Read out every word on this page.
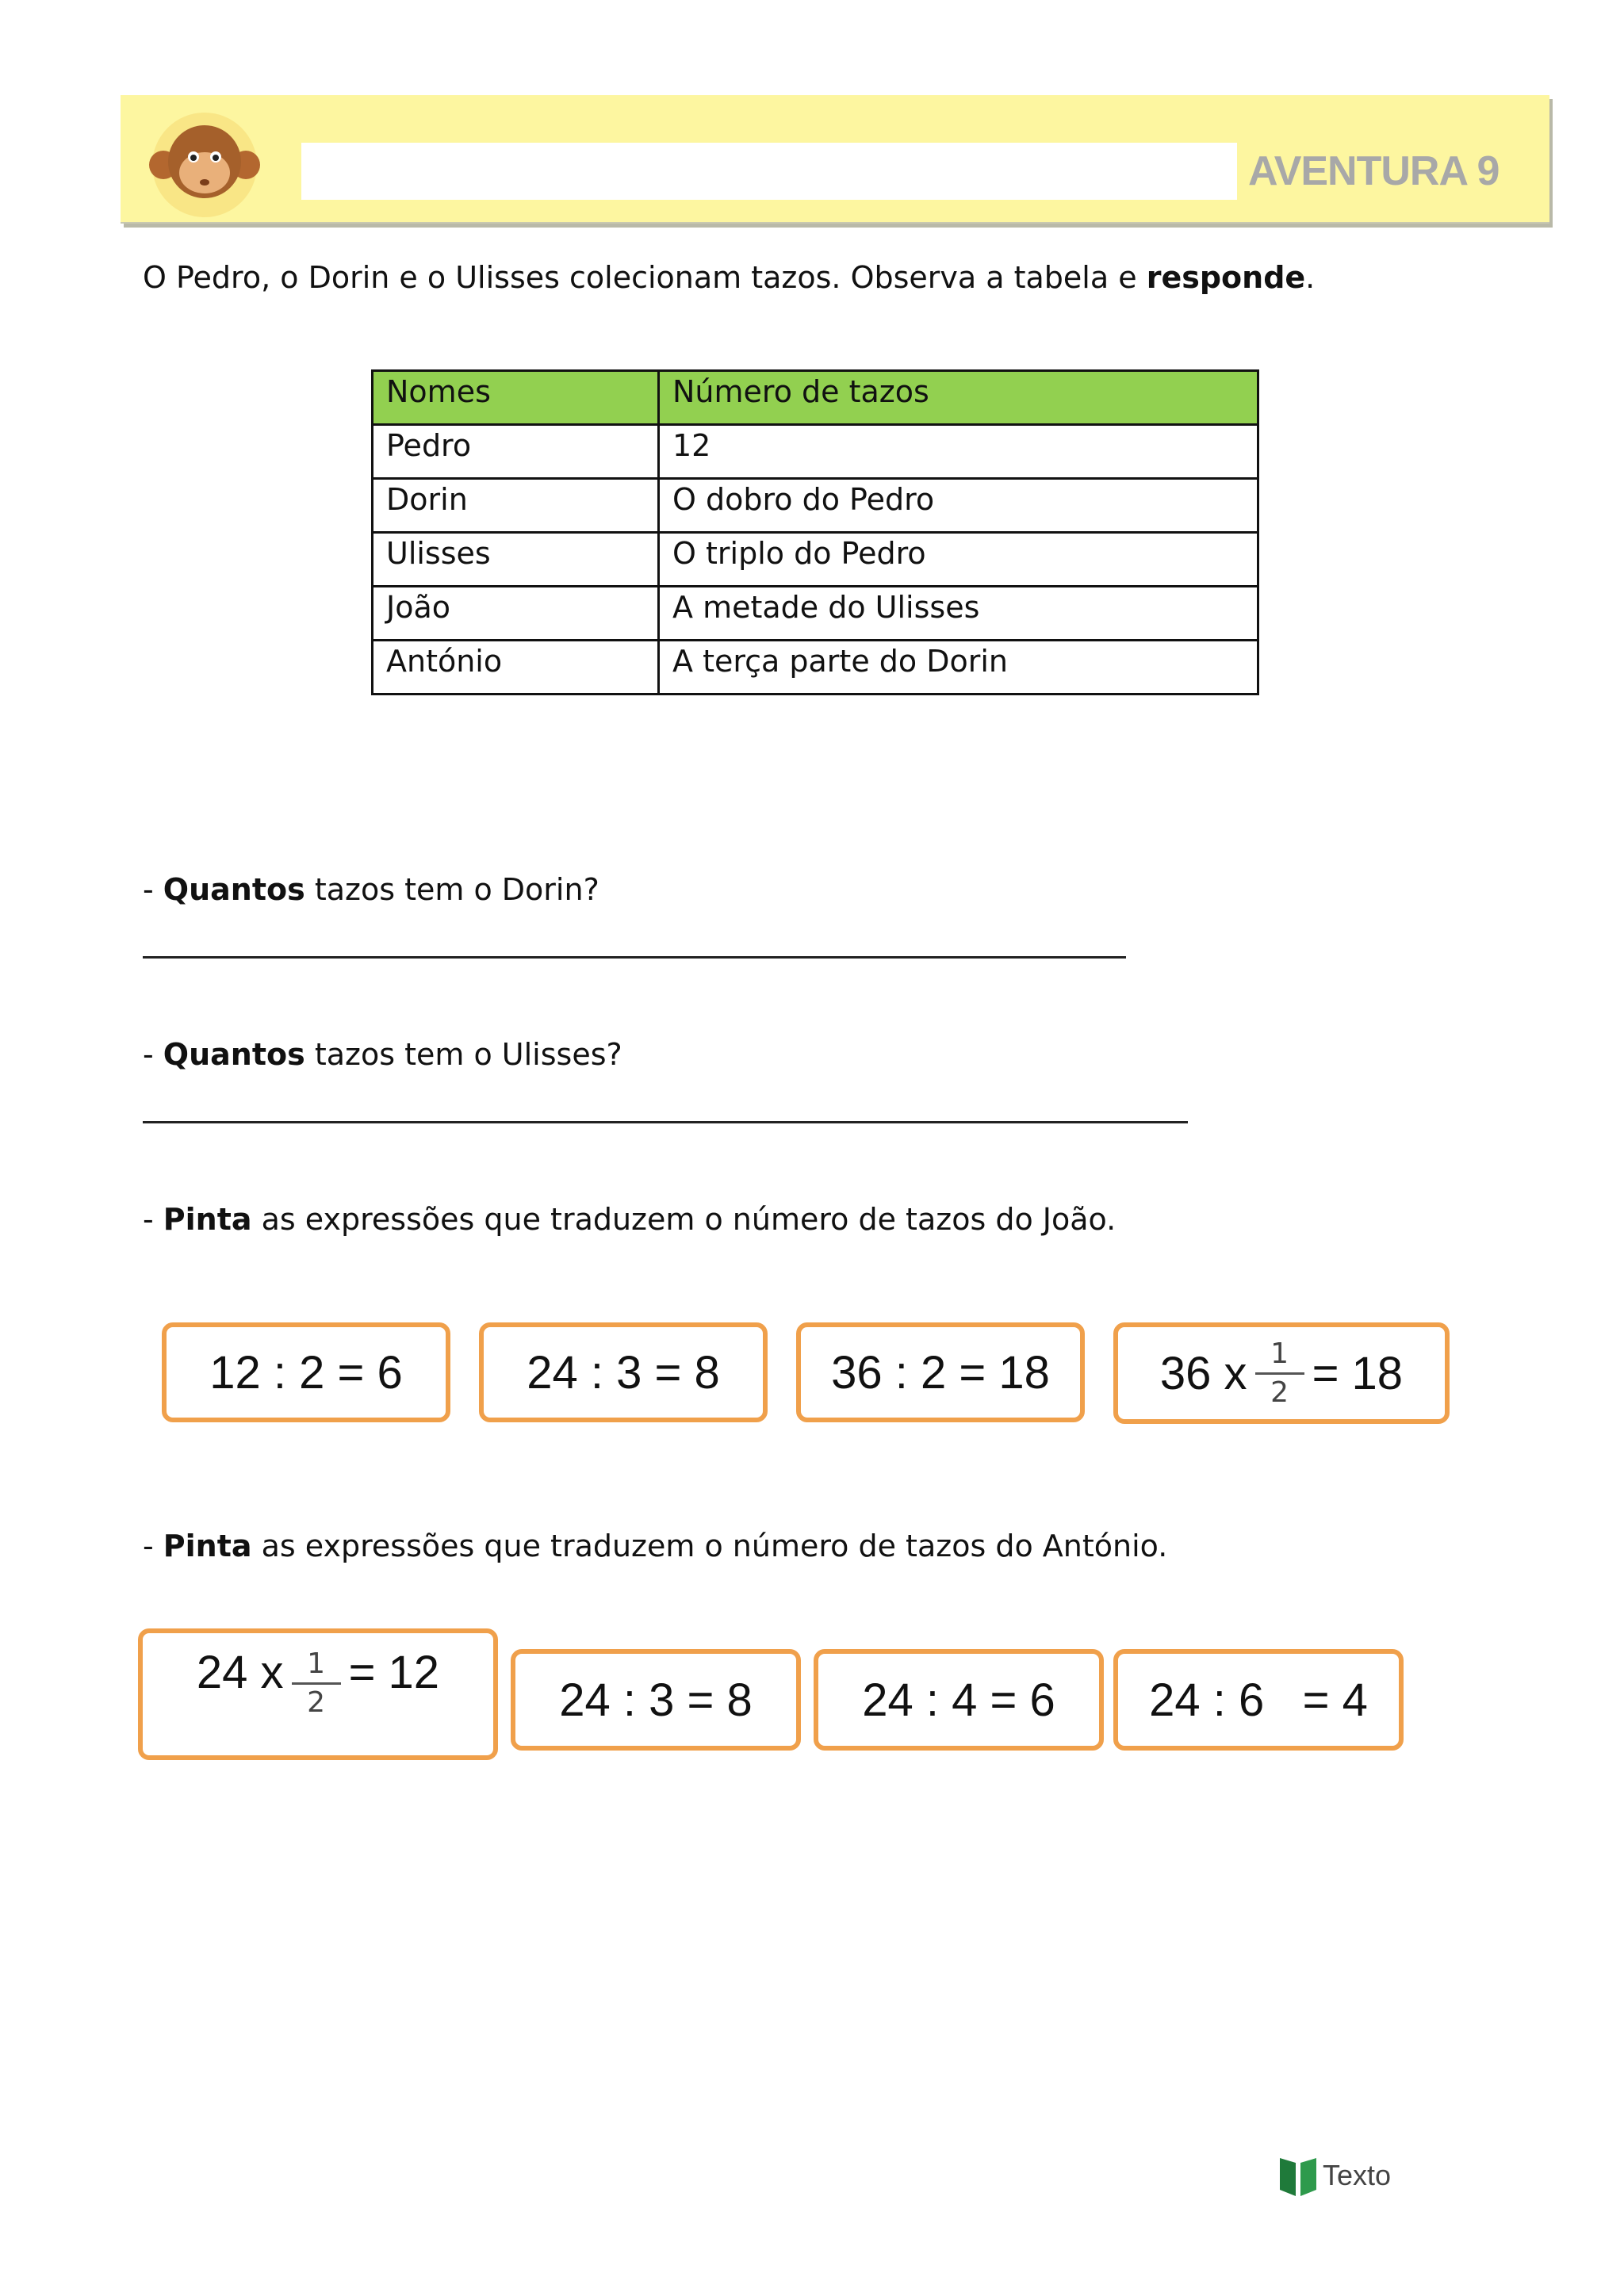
AVENTURA 9
O Pedro, o Dorin e o Ulisses colecionam tazos. Observa a tabela e responde.
Nomes	Número de tazos
Pedro	12
Dorin	O dobro do Pedro
Ulisses	O triplo do Pedro
João	A metade do Ulisses
António	A terça parte do Dorin
- Quantos tazos tem o Dorin?
- Quantos tazos tem o Ulisses?
- Pinta as expressões que traduzem o número de tazos do João.
12 : 2 = 6	24 : 3 = 8	36 : 2 = 18	36 x $\frac{1}{2} = 18$
- Pinta as expressões que traduzem o número de tazos do António.
24 x $\frac{1}{2} = 12$
24 : 3 = 8	24 : 4 = 6	24 : 6   = 4
Texto
